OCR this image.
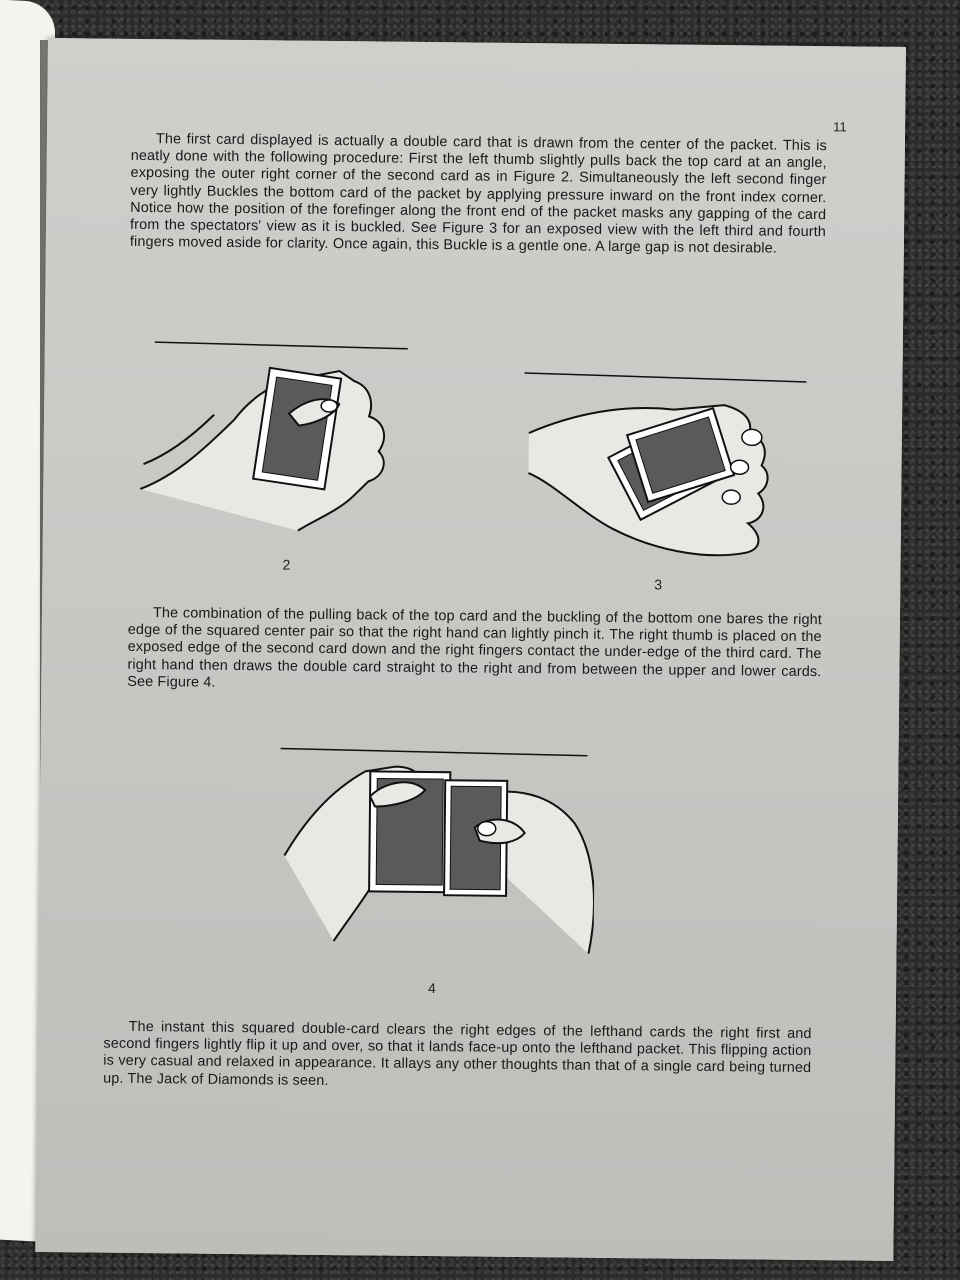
11

The first card displayed is actually a double card that is drawn from the center of the packet. This is neatly done with the following procedure: First the left thumb slightly pulls back the top card at an angle, exposing the outer right corner of the second card as in Figure 2. Simultaneously the left second finger very lightly Buckles the bottom card of the packet by applying pressure inward on the front index corner. Notice how the position of the forefinger along the front end of the packet masks any gapping of the card from the spectators' view as it is buckled. See Figure 3 for an exposed view with the left third and fourth fingers moved aside for clarity. Once again, this Buckle is a gentle one. A large gap is not desirable.

2
3

The combination of the pulling back of the top card and the buckling of the bottom one bares the right edge of the squared center pair so that the right hand can lightly pinch it. The right thumb is placed on the exposed edge of the second card down and the right fingers contact the under-edge of the third card. The right hand then draws the double card straight to the right and from between the upper and lower cards. See Figure 4.

4

The instant this squared double-card clears the right edges of the lefthand cards the right first and second fingers lightly flip it up and over, so that it lands face-up onto the lefthand packet. This flipping action is very casual and relaxed in appearance. It allays any other thoughts than that of a single card being turned up. The Jack of Diamonds is seen.
